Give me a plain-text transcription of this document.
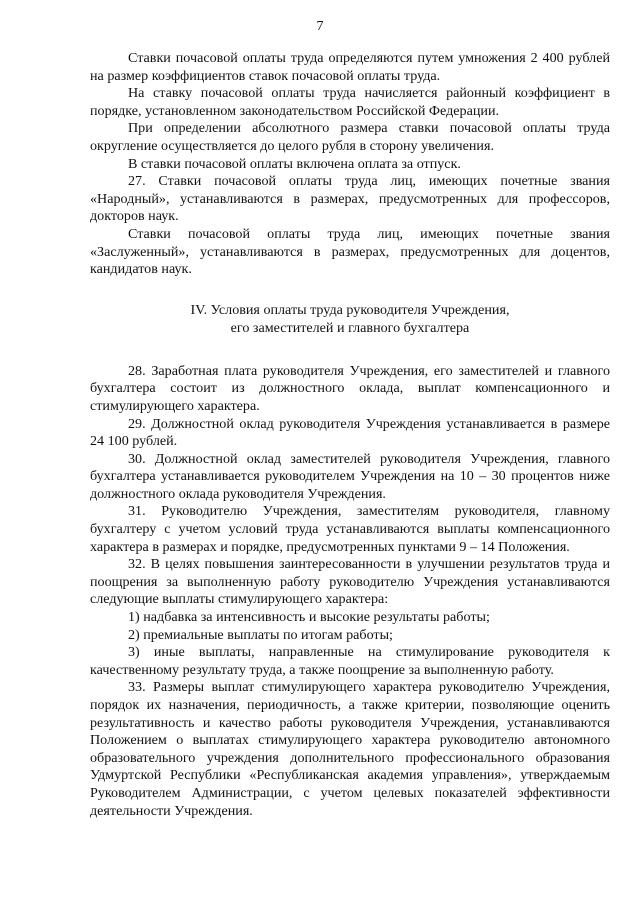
7

Ставки почасовой оплаты труда определяются путем умножения 2 400 рублей на размер коэффициентов ставок почасовой оплаты труда.

На ставку почасовой оплаты труда начисляется районный коэффициент в порядке, установленном законодательством Российской Федерации.

При определении абсолютного размера ставки почасовой оплаты труда округление осуществляется до целого рубля в сторону увеличения.

В ставки почасовой оплаты включена оплата за отпуск.

27. Ставки почасовой оплаты труда лиц, имеющих почетные звания «Народный», устанавливаются в размерах, предусмотренных для профессоров, докторов наук.

Ставки почасовой оплаты труда лиц, имеющих почетные звания «Заслуженный», устанавливаются в размерах, предусмотренных для доцентов, кандидатов наук.

IV. Условия оплаты труда руководителя Учреждения,
его заместителей и главного бухгалтера

28. Заработная плата руководителя Учреждения, его заместителей и главного бухгалтера состоит из должностного оклада, выплат компенсационного и стимулирующего характера.

29. Должностной оклад руководителя Учреждения устанавливается в размере 24 100 рублей.

30. Должностной оклад заместителей руководителя Учреждения, главного бухгалтера устанавливается руководителем Учреждения на 10 – 30 процентов ниже должностного оклада руководителя Учреждения.

31. Руководителю Учреждения, заместителям руководителя, главному бухгалтеру с учетом условий труда устанавливаются выплаты компенсационного характера в размерах и порядке, предусмотренных пунктами 9 – 14 Положения.

32. В целях повышения заинтересованности в улучшении результатов труда и поощрения за выполненную работу руководителю Учреждения устанавливаются следующие выплаты стимулирующего характера:

1) надбавка за интенсивность и высокие результаты работы;

2) премиальные выплаты по итогам работы;

3) иные выплаты, направленные на стимулирование руководителя к качественному результату труда, а также поощрение за выполненную работу.

33. Размеры выплат стимулирующего характера руководителю Учреждения, порядок их назначения, периодичность, а также критерии, позволяющие оценить результативность и качество работы руководителя Учреждения, устанавливаются Положением о выплатах стимулирующего характера руководителю автономного образовательного учреждения дополнительного профессионального образования Удмуртской Республики «Республиканская академия управления», утверждаемым Руководителем Администрации, с учетом целевых показателей эффективности деятельности Учреждения.
